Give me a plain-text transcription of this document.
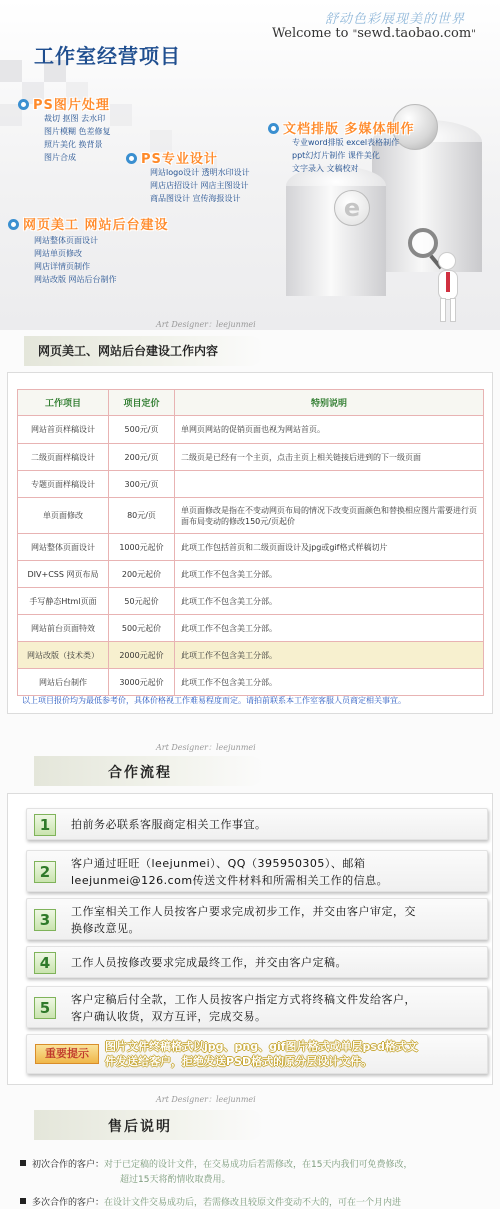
e
舒动色彩展现美的世界
Welcome to "sewd.taobao.com"
工作室经营项目
PS图片处理
裁切 抠图 去水印
图片模糊 色差修复
照片美化 换背景
图片合成	PS专业设计
网站logo设计 透明水印设计
网店店招设计 网店主图设计
商品图设计 宣传海报设计
文档排版 多媒体制作
专业word排版 excel表格制作
ppt幻灯片制作 课件美化
文字录入 文稿校对
网页美工 网站后台建设
网站整体页面设计
网站单页修改
网店详情页制作
网站改版 网站后台制作
Art Designer：leejunmei
网页美工、网站后台建设工作内容
工作项目	项目定价	特别说明
网站首页样稿设计	500元/页	单网页网站的促销页面也视为网站首页。
二级页面样稿设计	200元/页	二级页是已经有一个主页，点击主页上相关链接后进到的下一级页面
专题页面样稿设计	300元/页	
单页面修改	80元/页	单页面修改是指在不变动网页布局的情况下改变页面颜色和替换相应图片需要进行页面布局变动的修改150元/页起价
网站整体页面设计	1000元起价	此项工作包括首页和二级页面设计及jpg或gif格式样稿切片
DIV+CSS 网页布局	200元起价	此项工作不包含美工分部。
手写静态Html页面	50元起价	此项工作不包含美工分部。
网站前台页面特效	500元起价	此项工作不包含美工分部。
网站改版（技术类）	2000元起价	此项工作不包含美工分部。
网站后台制作	3000元起价	此项工作不包含美工分部。
以上项目报价均为最低参考价，具体价格视工作难易程度而定。请拍前联系本工作室客服人员商定相关事宜。
Art Designer：leejunmei
合作流程
1	拍前务必联系客服商定相关工作事宜。
2	客户通过旺旺（leejunmei）、QQ（395950305）、邮箱
leejunmei@126.com传送文件材料和所需相关工作的信息。
3	工作室相关工作人员按客户要求完成初步工作，并交由客户审定，交
换修改意见。
4	工作人员按修改要求完成最终工作，并交由客户定稿。
5	客户定稿后付全款，工作人员按客户指定方式将终稿文件发给客户，
客户确认收货，双方互评，完成交易。
重要提示
图片文件终稿格式以jpg、png、gif图片格式或单层psd格式文
件发送给客户，拒绝发送PSD格式的原分层设计文件。
Art Designer：leejunmei
售后说明
初次合作的客户：对于已定稿的设计文件，在交易成功后若需修改，在15天内我们可免费修改，
超过15天将酌情收取费用。
多次合作的客户：在设计文件交易成功后，若需修改且较原文件变动不大的，可在一个月内进
